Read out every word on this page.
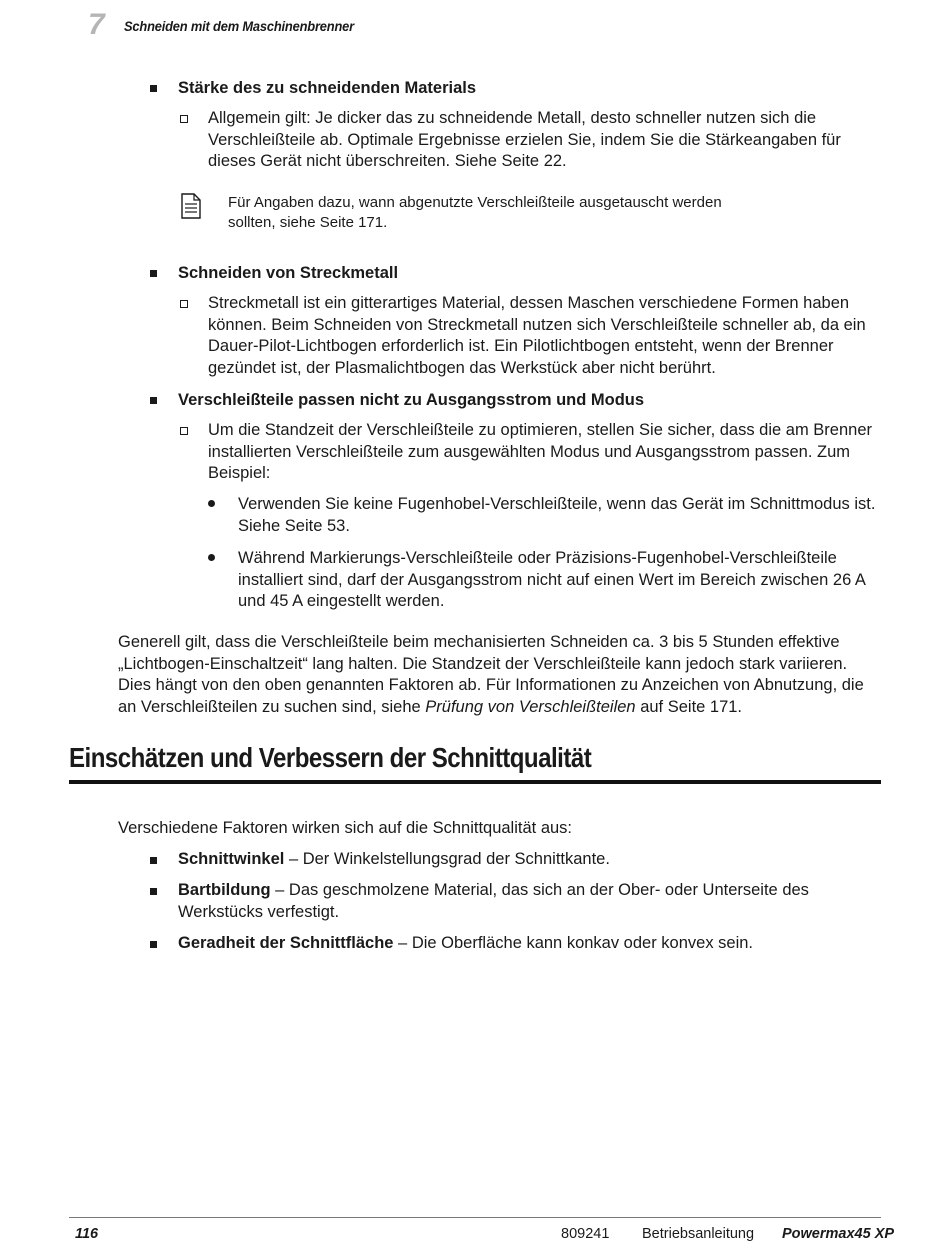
7 Schneiden mit dem Maschinenbrenner
Stärke des zu schneidenden Materials
Allgemein gilt: Je dicker das zu schneidende Metall, desto schneller nutzen sich die Verschleißteile ab. Optimale Ergebnisse erzielen Sie, indem Sie die Stärkeangaben für dieses Gerät nicht überschreiten. Siehe Seite 22.
Für Angaben dazu, wann abgenutzte Verschleißteile ausgetauscht werden sollten, siehe Seite 171.
Schneiden von Streckmetall
Streckmetall ist ein gitterartiges Material, dessen Maschen verschiedene Formen haben können. Beim Schneiden von Streckmetall nutzen sich Verschleißteile schneller ab, da ein Dauer-Pilot-Lichtbogen erforderlich ist. Ein Pilotlichtbogen entsteht, wenn der Brenner gezündet ist, der Plasmalichtbogen das Werkstück aber nicht berührt.
Verschleißteile passen nicht zu Ausgangsstrom und Modus
Um die Standzeit der Verschleißteile zu optimieren, stellen Sie sicher, dass die am Brenner installierten Verschleißteile zum ausgewählten Modus und Ausgangsstrom passen. Zum Beispiel:
Verwenden Sie keine Fugenhobel-Verschleißteile, wenn das Gerät im Schnittmodus ist. Siehe Seite 53.
Während Markierungs-Verschleißteile oder Präzisions-Fugenhobel-Verschleißteile installiert sind, darf der Ausgangsstrom nicht auf einen Wert im Bereich zwischen 26 A und 45 A eingestellt werden.
Generell gilt, dass die Verschleißteile beim mechanisierten Schneiden ca. 3 bis 5 Stunden effektive „Lichtbogen-Einschaltzeit“ lang halten. Die Standzeit der Verschleißteile kann jedoch stark variieren. Dies hängt von den oben genannten Faktoren ab. Für Informationen zu Anzeichen von Abnutzung, die an Verschleißteilen zu suchen sind, siehe Prüfung von Verschleißteilen auf Seite 171.
Einschätzen und Verbessern der Schnittqualität
Verschiedene Faktoren wirken sich auf die Schnittqualität aus:
Schnittwinkel – Der Winkelstellungsgrad der Schnittkante.
Bartbildung – Das geschmolzene Material, das sich an der Ober- oder Unterseite des Werkstücks verfestigt.
Geradheit der Schnittfläche – Die Oberfläche kann konkav oder konvex sein.
116	809241 Betriebsanleitung Powermax45 XP
